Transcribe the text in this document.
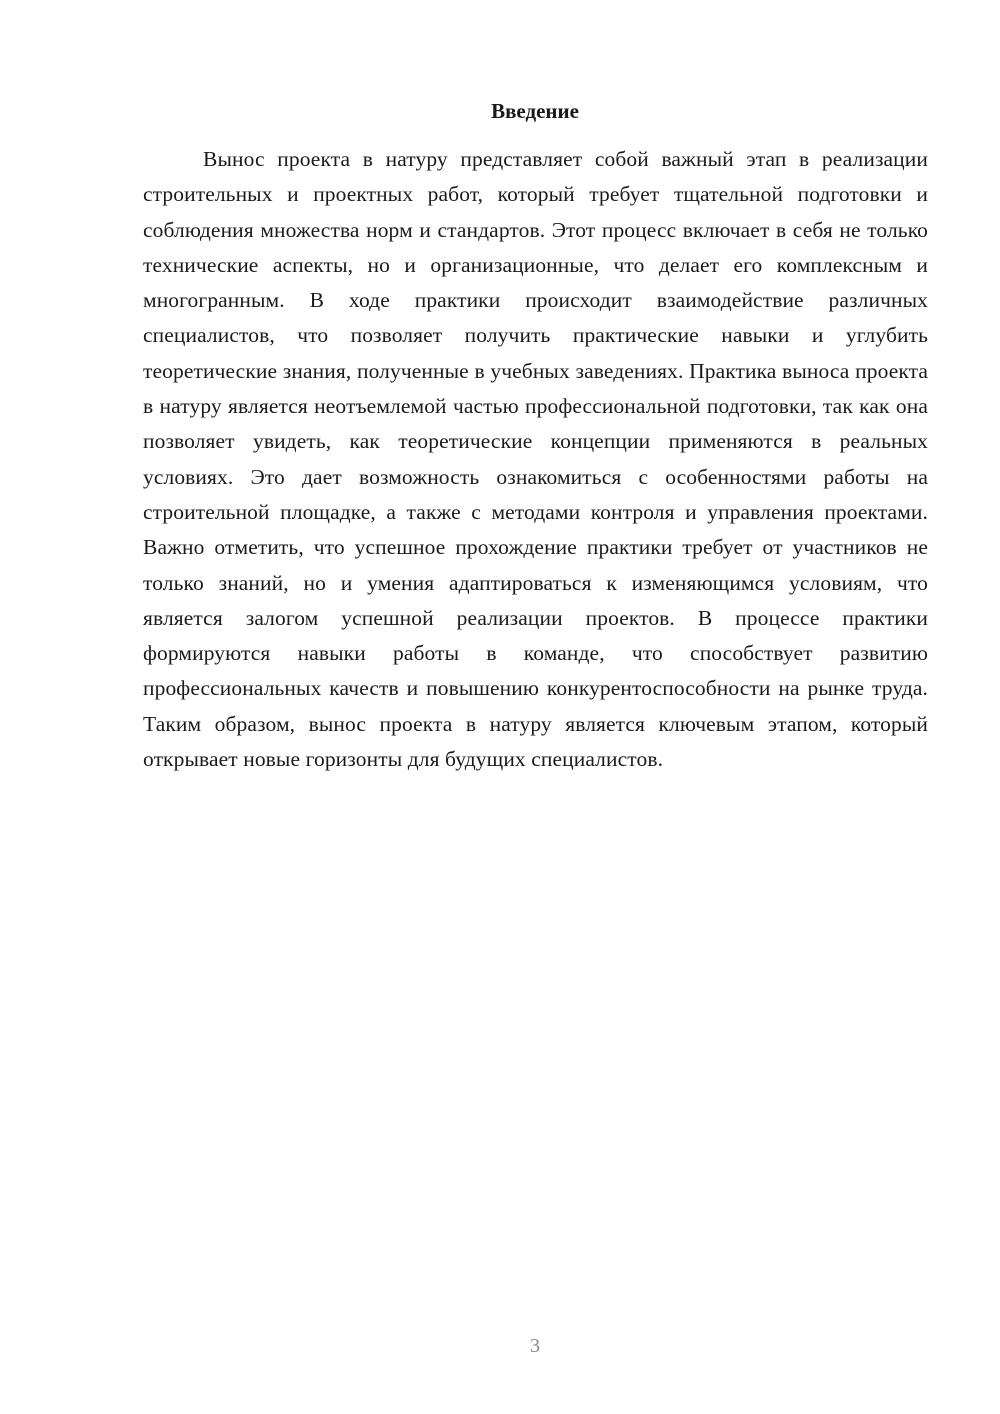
Введение

Вынос проекта в натуру представляет собой важный этап в реализации строительных и проектных работ, который требует тщательной подготовки и соблюдения множества норм и стандартов. Этот процесс включает в себя не только технические аспекты, но и организационные, что делает его комплексным и многогранным. В ходе практики происходит взаимодействие различных специалистов, что позволяет получить практические навыки и углубить теоретические знания, полученные в учебных заведениях. Практика выноса проекта в натуру является неотъемлемой частью профессиональной подготовки, так как она позволяет увидеть, как теоретические концепции применяются в реальных условиях. Это дает возможность ознакомиться с особенностями работы на строительной площадке, а также с методами контроля и управления проектами. Важно отметить, что успешное прохождение практики требует от участников не только знаний, но и умения адаптироваться к изменяющимся условиям, что является залогом успешной реализации проектов. В процессе практики формируются навыки работы в команде, что способствует развитию профессиональных качеств и повышению конкурентоспособности на рынке труда. Таким образом, вынос проекта в натуру является ключевым этапом, который открывает новые горизонты для будущих специалистов.

3
